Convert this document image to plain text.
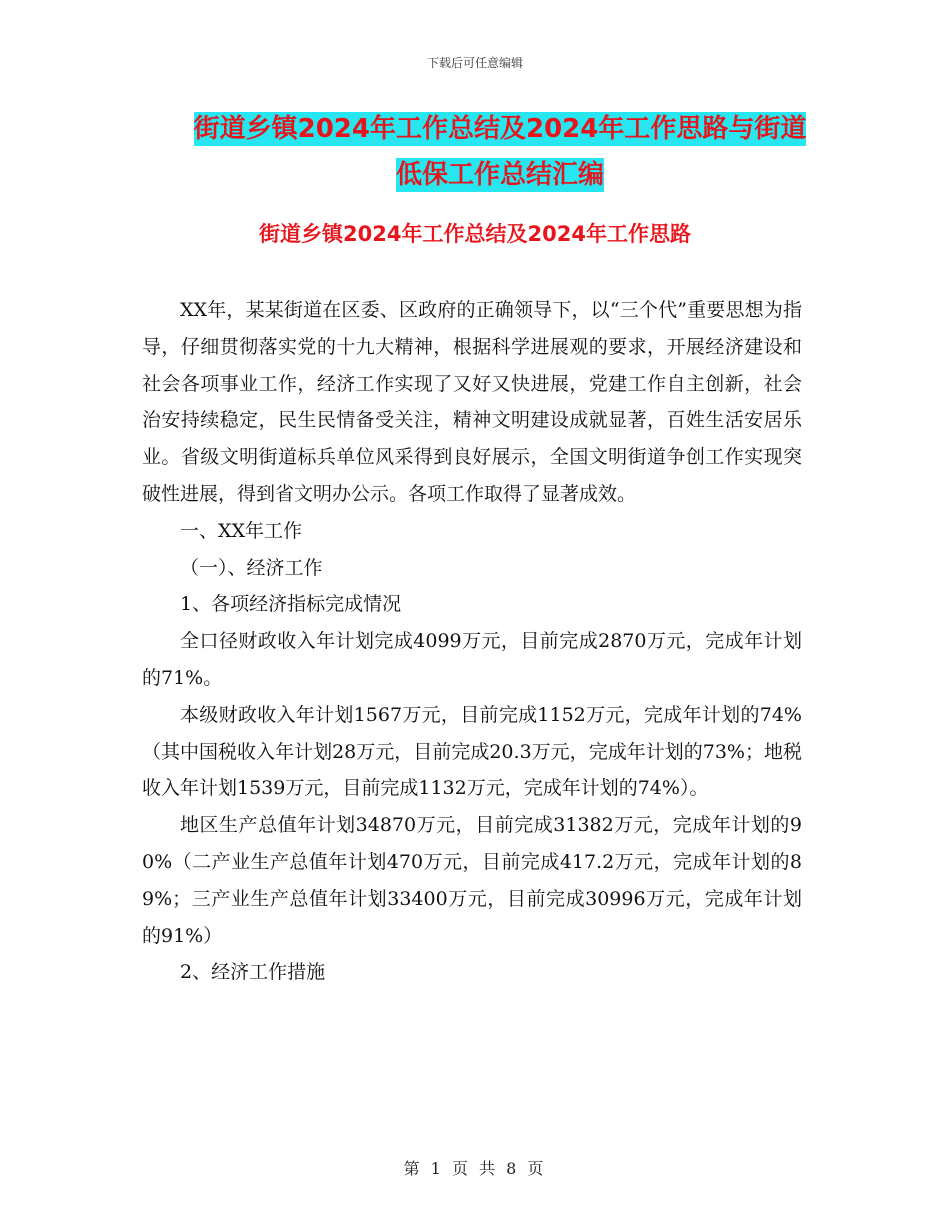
下载后可任意编辑
街道乡镇2024年工作总结及2024年工作思路与街道
低保工作总结汇编
街道乡镇2024年工作总结及2024年工作思路

XX年，某某街道在区委、区政府的正确领导下，以“三个代”重要思想为指导，仔细贯彻落实党的十九大精神，根据科学进展观的要求，开展经济建设和社会各项事业工作，经济工作实现了又好又快进展，党建工作自主创新，社会治安持续稳定，民生民情备受关注，精神文明建设成就显著，百姓生活安居乐业。省级文明街道标兵单位风采得到良好展示，全国文明街道争创工作实现突破性进展，得到省文明办公示。各项工作取得了显著成效。

一、XX年工作

（一）、经济工作

1、各项经济指标完成情况

全口径财政收入年计划完成4099万元，目前完成2870万元，完成年计划的71%。

本级财政收入年计划1567万元，目前完成1152万元，完成年计划的74%（其中国税收入年计划28万元，目前完成20.3万元，完成年计划的73%；地税收入年计划1539万元，目前完成1132万元，完成年计划的74%）。

地区生产总值年计划34870万元，目前完成31382万元，完成年计划的90%（二产业生产总值年计划470万元，目前完成417.2万元，完成年计划的89%；三产业生产总值年计划33400万元，目前完成30996万元，完成年计划的91%）

2、经济工作措施

第 1 页 共 8 页
